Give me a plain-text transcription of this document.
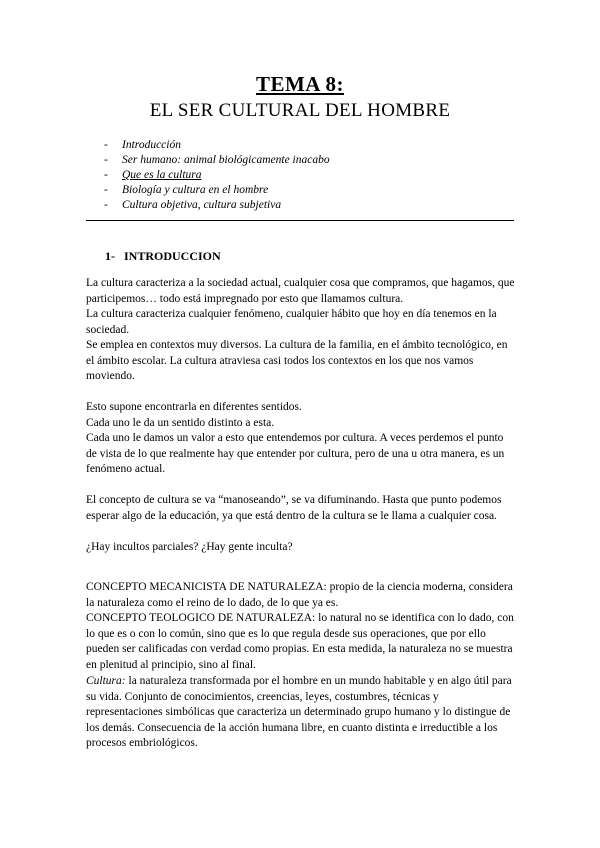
TEMA 8:
EL SER CULTURAL DEL HOMBRE
- Introducción
- Ser humano: animal biológicamente inacabo
- Que es la cultura
- Biología y cultura en el hombre
- Cultura objetiva, cultura subjetiva
1- INTRODUCCION

La cultura caracteriza a la sociedad actual, cualquier cosa que compramos, que hagamos, que participemos… todo está impregnado por esto que llamamos cultura.

La cultura caracteriza cualquier fenómeno, cualquier hábito que hoy en día tenemos en la sociedad.

Se emplea en contextos muy diversos. La cultura de la familia, en el ámbito tecnológico, en el ámbito escolar. La cultura atraviesa casi todos los contextos en los que nos vamos moviendo.

Esto supone encontrarla en diferentes sentidos.

Cada uno le da un sentido distinto a esta.

Cada uno le damos un valor a esto que entendemos por cultura. A veces perdemos el punto de vista de lo que realmente hay que entender por cultura, pero de una u otra manera, es un fenómeno actual.

El concepto de cultura se va “manoseando”, se va difuminando. Hasta que punto podemos esperar algo de la educación, ya que está dentro de la cultura se le llama a cualquier cosa.

¿Hay incultos parciales? ¿Hay gente inculta?

CONCEPTO MECANICISTA DE NATURALEZA: propio de la ciencia moderna, considera la naturaleza como el reino de lo dado, de lo que ya es.

CONCEPTO TEOLOGICO DE NATURALEZA: lo natural no se identifica con lo dado, con lo que es o con lo común, sino que es lo que regula desde sus operaciones, que por ello pueden ser calificadas con verdad como propias. En esta medida, la naturaleza no se muestra en plenitud al principio, sino al final.

Cultura: la naturaleza transformada por el hombre en un mundo habitable y en algo útil para su vida. Conjunto de conocimientos, creencias, leyes, costumbres, técnicas y representaciones simbólicas que caracteriza un determinado grupo humano y lo distingue de los demás. Consecuencia de la acción humana libre, en cuanto distinta e irreductible a los procesos embriológicos.
